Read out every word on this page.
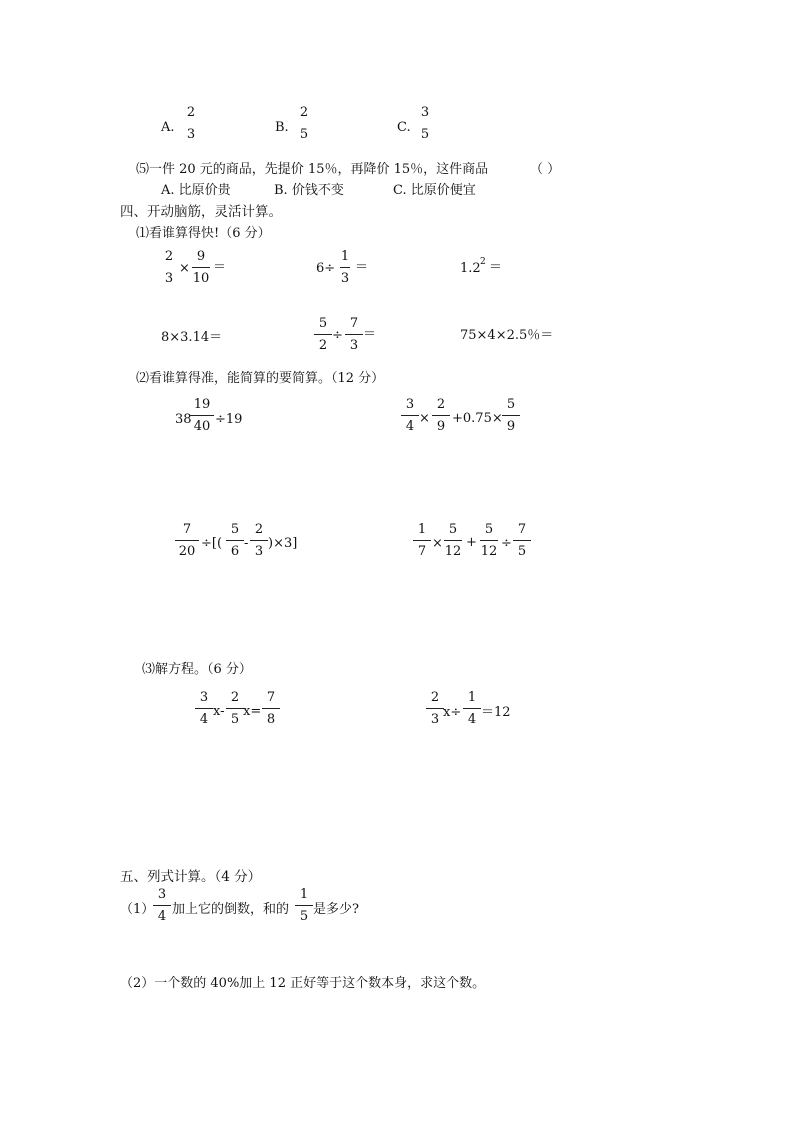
A.
2
3	B.
2
5	C.
3
5
⑸一件 20 元的商品，先提价 15％，再降价 15％，这件商品	（ ）
A. 比原价贵	B. 价钱不变	C. 比原价便宜
四、开动脑筋，灵活计算。
⑴看谁算得快!（6 分）
2
3
×
9
10
＝	6÷
1
3
＝	1.2 2 ＝
8×3.14＝
5
2
÷
7
3
＝	75×4×2.5％＝
⑵看谁算得准，能简算的要简算。（12 分）
38
19
40 ÷19
3
4
×
2
9
+0.75×
5
9
7
20
÷[(
5
6
-
2
3
)×3]
1
7
×
5
12
+
5
12
÷
7
5
⑶解方程。（6 分）
3
4
x-
2
5
x=
7
8
2
3 x÷
1
4 ＝12
五、列式计算。（4 分）
（1）
3
4 加上它的倒数，和的
1
5 是多少?
（2）一个数的 40%加上 12 正好等于这个数本身，求这个数。
